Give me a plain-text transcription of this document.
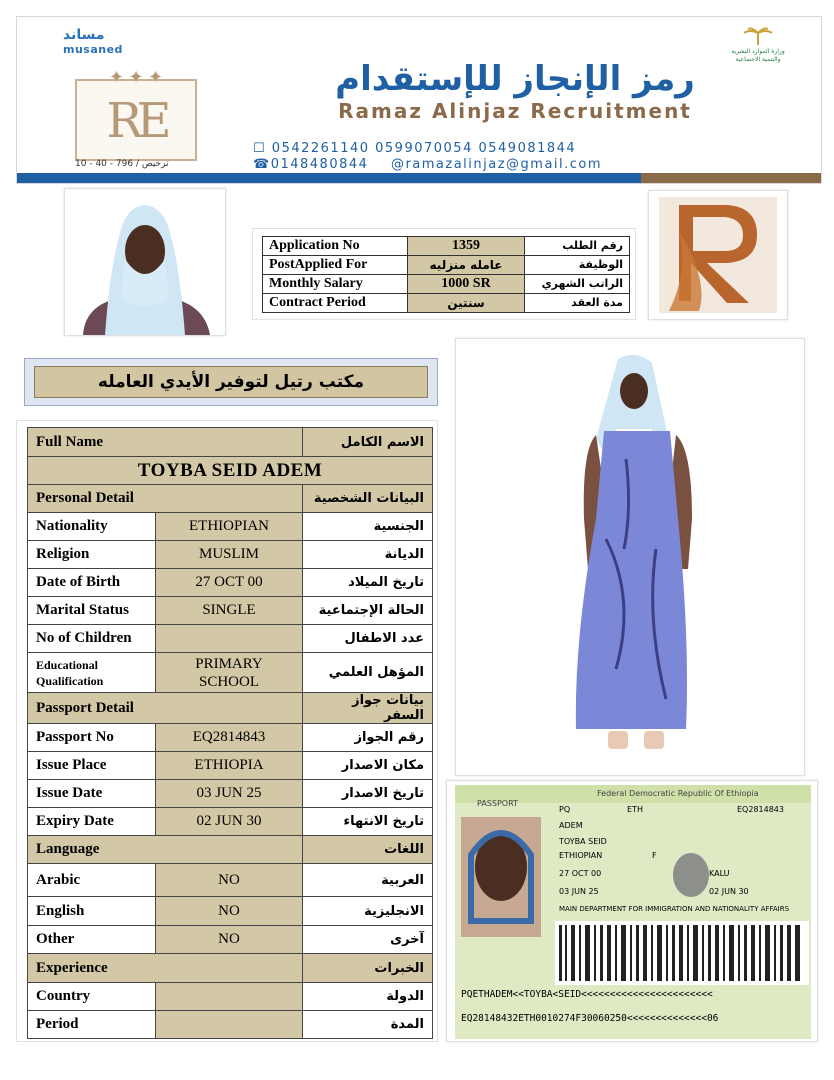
مساند
musaned	وزارة الموارد البشرية والتنمية الاجتماعية
✦ ✦ ✦
RE
ترخيص / 796 - 40 - 10
رمز الإنجاز للإستقدام
Ramaz Alinjaz Recruitment
☐ 0542261140 0599070054 0549081844
☎0148480844 @ramazalinjaz@gmail.com
Application No	1359	رقم الطلب
PostApplied For	عامله منزليه	الوظيفة
Monthly Salary	1000 SR	الراتب الشهري
Contract Period	سنتين	مدة العقد
مكتب رتيل لتوفير الأيدي العامله
Full Name		الاسم الكامل
TOYBA SEID ADEM		
Personal Detail		البيانات الشخصية
Nationality	ETHIOPIAN	الجنسية
Religion	MUSLIM	الديانة
Date of Birth	27 OCT 00	تاريخ الميلاد
Marital Status	SINGLE	الحالة الإجتماعية
No of Children		عدد الاطفال
Educational Qualification	PRIMARY SCHOOL	المؤهل العلمي
Passport Detail		بيانات جواز السفر
Passport No	EQ2814843	رقم الجواز
Issue Place	ETHIOPIA	مكان الاصدار
Issue Date	03 JUN 25	تاريخ الاصدار
Expiry Date	02 JUN 30	تاريخ الانتهاء
Language		اللغات
Arabic	NO	العربية
English	NO	الانجليزية
Other	NO	آخرى
Experience		الخبرات
Country		الدولة
Period		المدة
Federal Democratic Republic Of Ethiopia
PASSPORT
PQ	ETH	EQ2814843
ADEM
TOYBA SEID
ETHIOPIAN	F
27 OCT 00	KALU
03 JUN 25	02 JUN 30
MAIN DEPARTMENT FOR IMMIGRATION AND NATIONALITY AFFAIRS
PQETHADEM<<TOYBA<SEID<<<<<<<<<<<<<<<<<<<<<<<
EQ28148432ETH0010274F30060250<<<<<<<<<<<<<<06
